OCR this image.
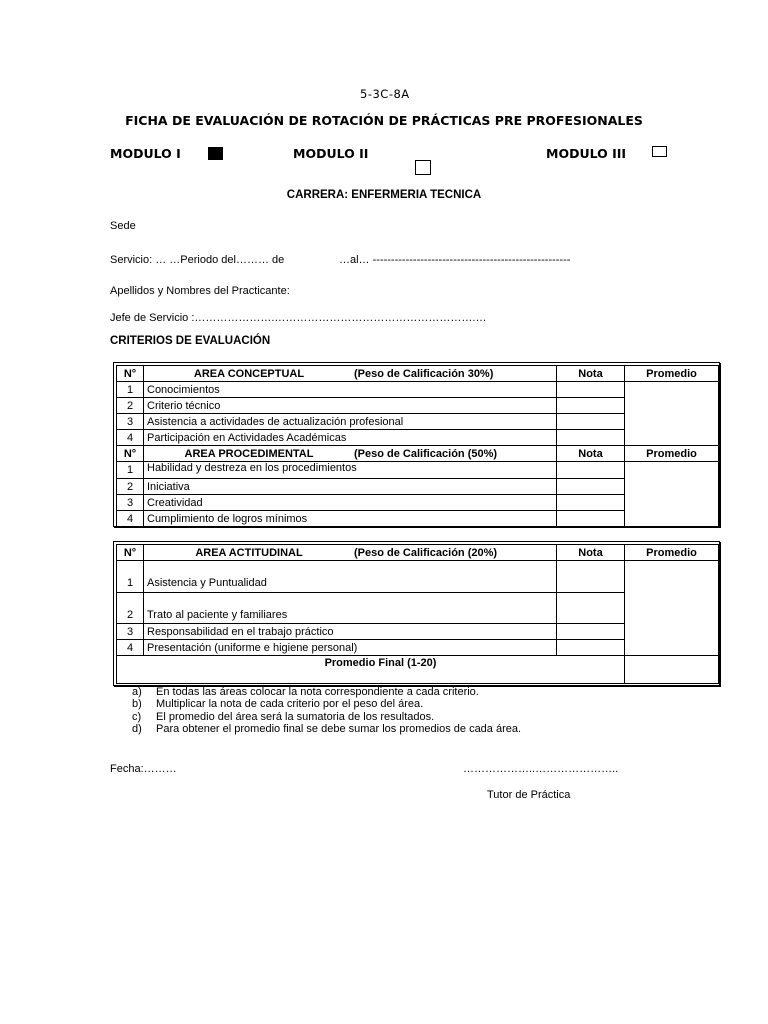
5-3C-8A
FICHA DE EVALUACIÓN DE ROTACIÓN DE PRÁCTICAS PRE PROFESIONALES
MODULO I	MODULO II	MODULO III
CARRERA: ENFERMERIA TECNICA
Sede
Servicio: … …Periodo del……… de	…al… ------------------------------------------------------
Apellidos y Nombres del Practicante:
Jefe de Servicio :………………….……………………………………………….…
CRITERIOS DE EVALUACIÓN
N°	AREA CONCEPTUAL (Peso de Calificación 30%)	Nota	Promedio
1	Conocimientos		
2	Criterio técnico		
3	Asistencia a actividades de actualización profesional		
4	Participación en Actividades Académicas		
N°	AREA PROCEDIMENTAL (Peso de Calificación (50%)	Nota	Promedio
1	Habilidad y destreza en los procedimientos		
2	Iniciativa		
3	Creatividad		
4	Cumplimiento de logros mínimos		
N°	AREA ACTITUDINAL (Peso de Calificación (20%)	Nota	Promedio
1	Asistencia y Puntualidad		
2	Trato al paciente y familiares		
3	Responsabilidad en el trabajo práctico		
4	Presentación (uniforme e higiene personal)		
Promedio Final (1-20)			
a)	En todas las áreas colocar la nota correspondiente a cada criterio.
b)	Multiplicar la nota de cada criterio por el peso del área.
c)	El promedio del área será la sumatoria de los resultados.
d)	Para obtener el promedio final se debe sumar los promedios de cada área.
Fecha:………	………………..…………………..
Tutor de Práctica
